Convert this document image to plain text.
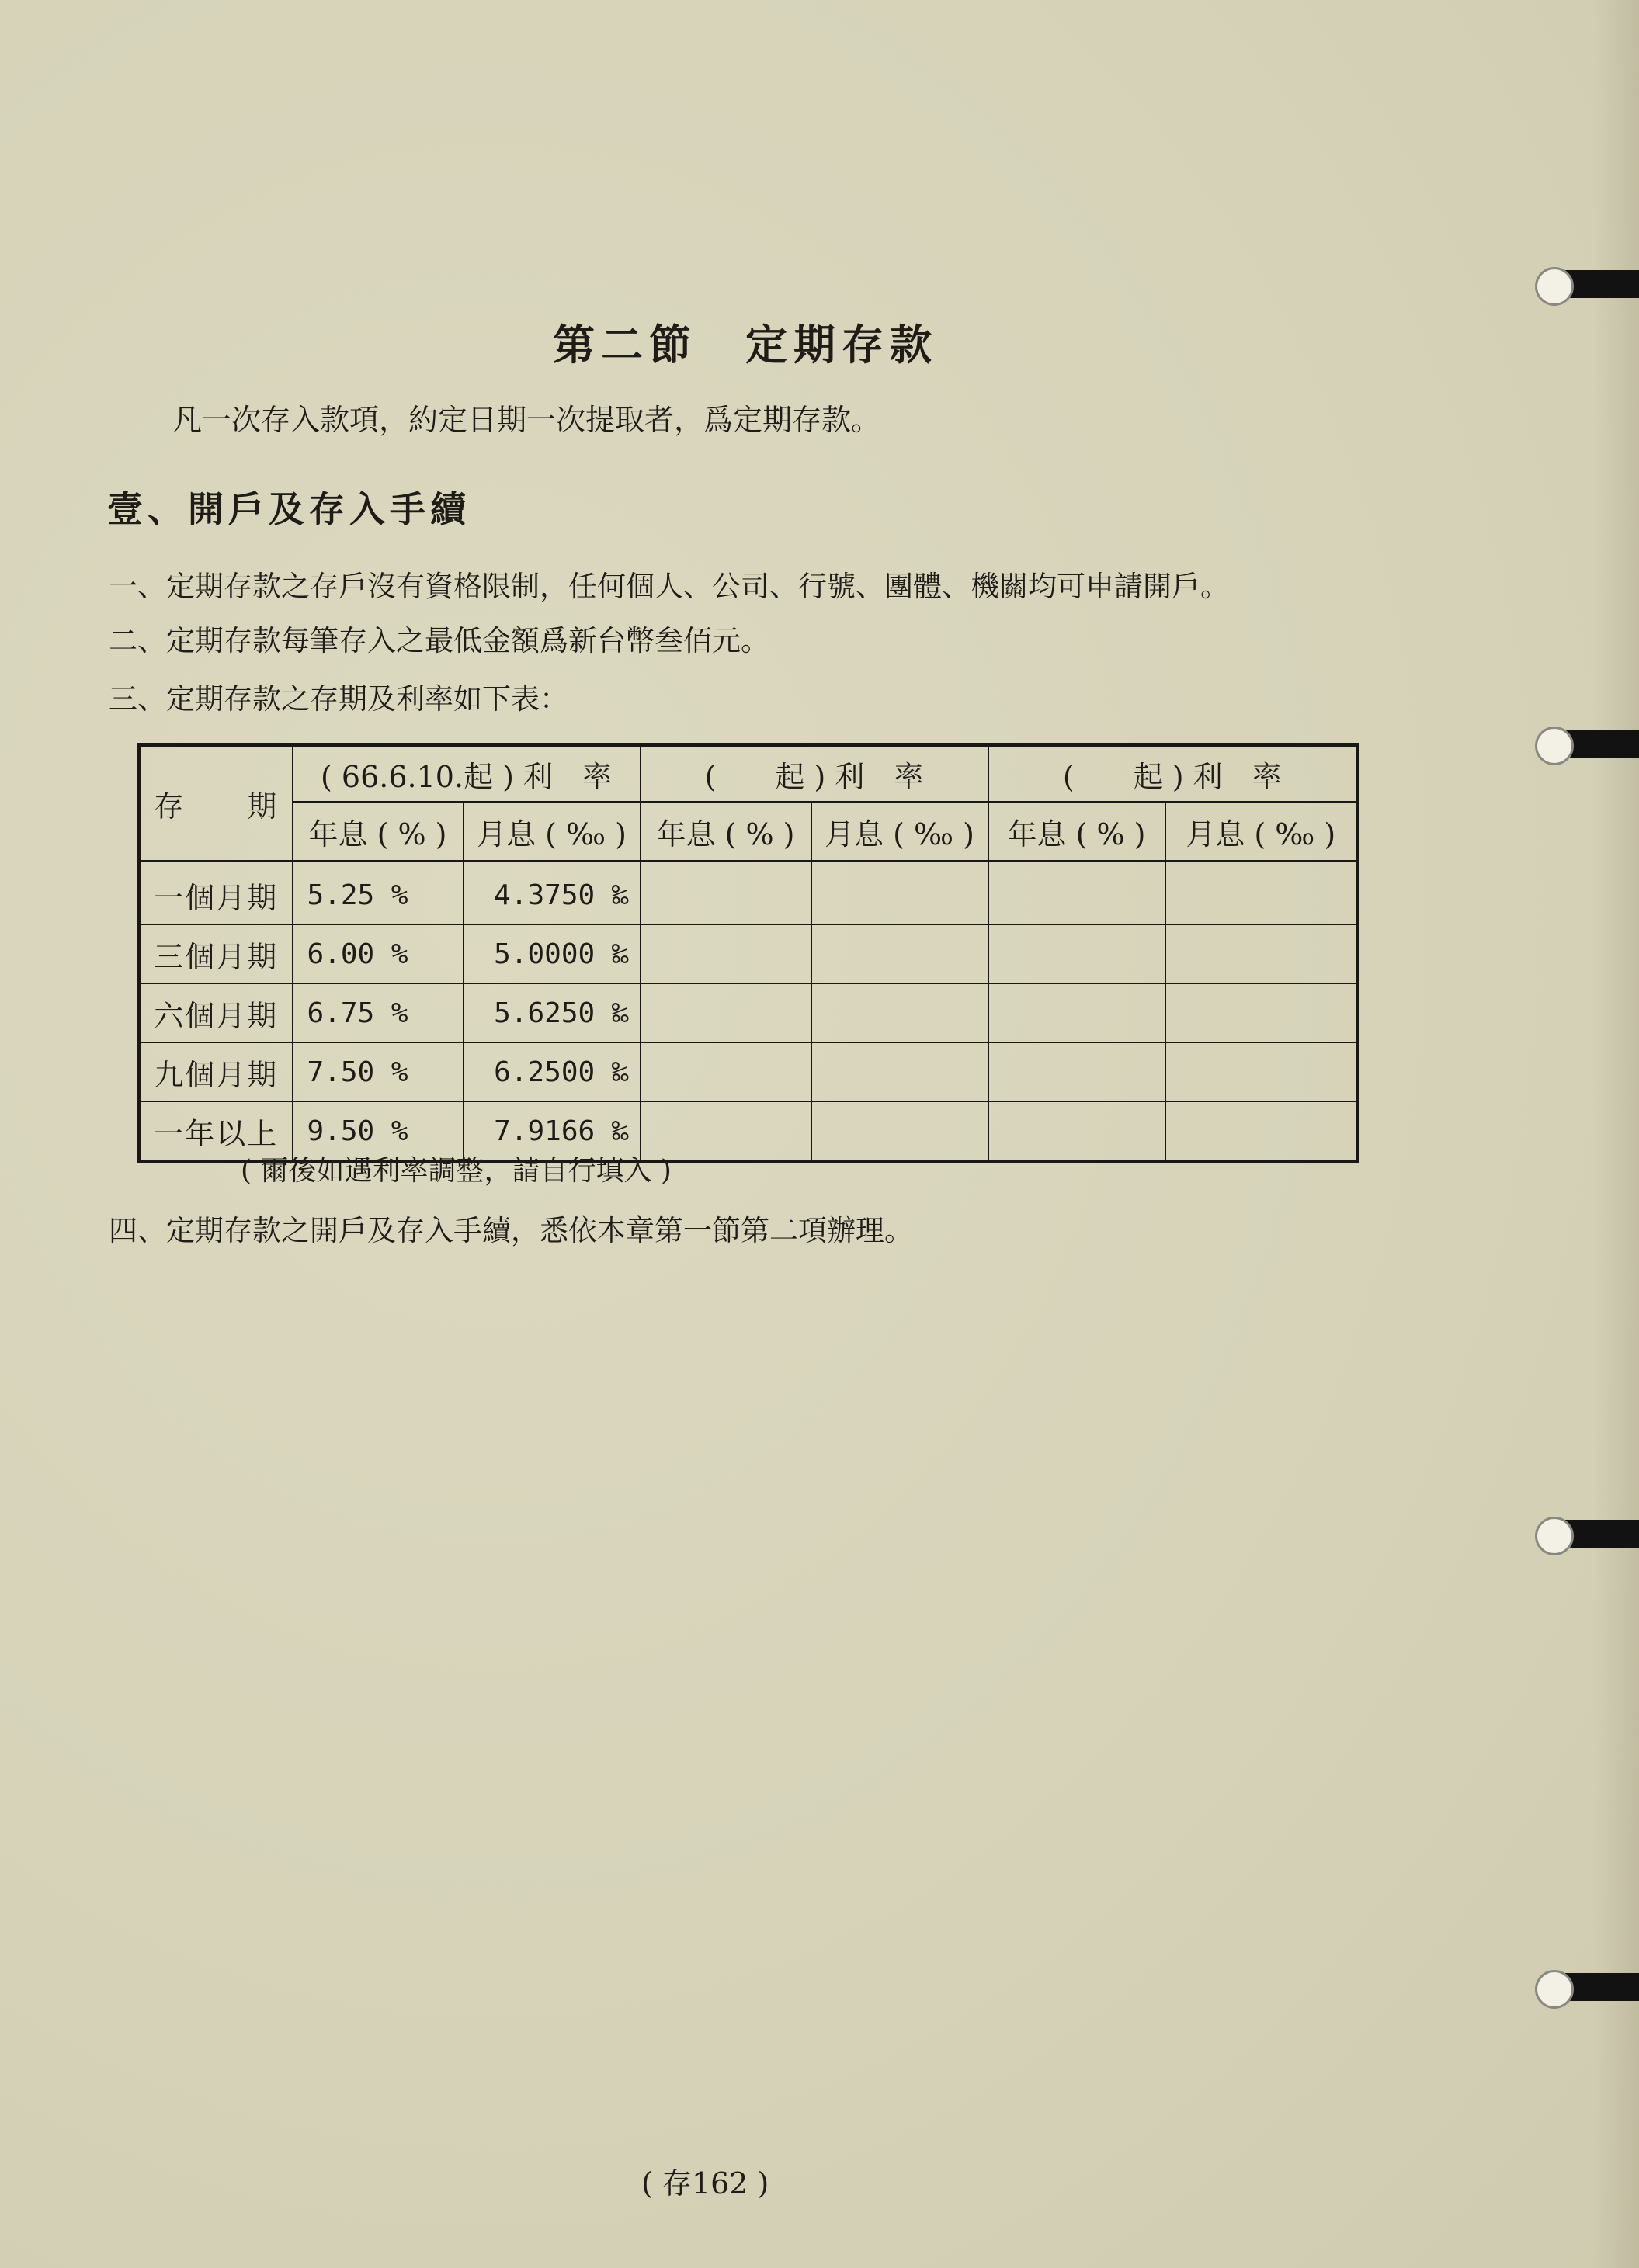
第二節　定期存款
凡一次存入款項，約定日期一次提取者，爲定期存款。
壹、開戶及存入手續
一、定期存款之存戶沒有資格限制，任何個人、公司、行號、團體、機關均可申請開戶。
二、定期存款每筆存入之最低金額爲新台幣叁佰元。
三、定期存款之存期及利率如下表：
存　　期	( 66.6.10.起 ) 利　率		(　　起 ) 利　率		(　　起 ) 利　率	
	年息 ( % )	月息 ( ‰ )	年息 ( % )	月息 ( ‰ )	年息 ( % )	月息 ( ‰ )
一個月期	5.25 %	4.3750 ‰				
三個月期	6.00 %	5.0000 ‰				
六個月期	6.75 %	5.6250 ‰				
九個月期	7.50 %	6.2500 ‰				
一年以上	9.50 %	7.9166 ‰				
( 爾後如遇利率調整，請自行填入 )
四、定期存款之開戶及存入手續，悉依本章第一節第二項辦理。
( 存162 )
